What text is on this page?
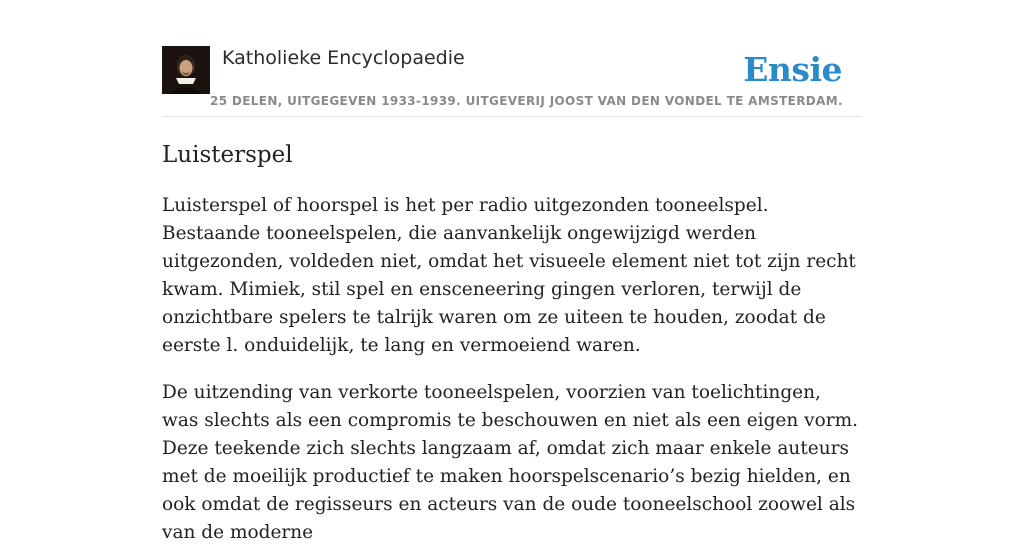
Katholieke Encyclopaedie
25 DELEN, UITGEGEVEN 1933-1939. UITGEVERIJ JOOST VAN DEN VONDEL TE AMSTERDAM.
Ensie
Luisterspel

Luisterspel of hoorspel is het per radio uitgezonden tooneelspel. Bestaande tooneelspelen, die aanvankelijk ongewijzigd werden uitgezonden, voldeden niet, omdat het visueele element niet tot zijn recht kwam. Mimiek, stil spel en ensceneering gingen verloren, terwijl de onzichtbare spelers te talrijk waren om ze uiteen te houden, zoodat de eerste l. onduidelijk, te lang en vermoeiend waren.

De uitzending van verkorte tooneelspelen, voorzien van toelichtingen, was slechts als een compromis te beschouwen en niet als een eigen vorm. Deze teekende zich slechts langzaam af, omdat zich maar enkele auteurs met de moeilijk productief te maken hoorspelscenario’s bezig hielden, en ook omdat de regisseurs en acteurs van de oude tooneelschool zoowel als van de moderne
